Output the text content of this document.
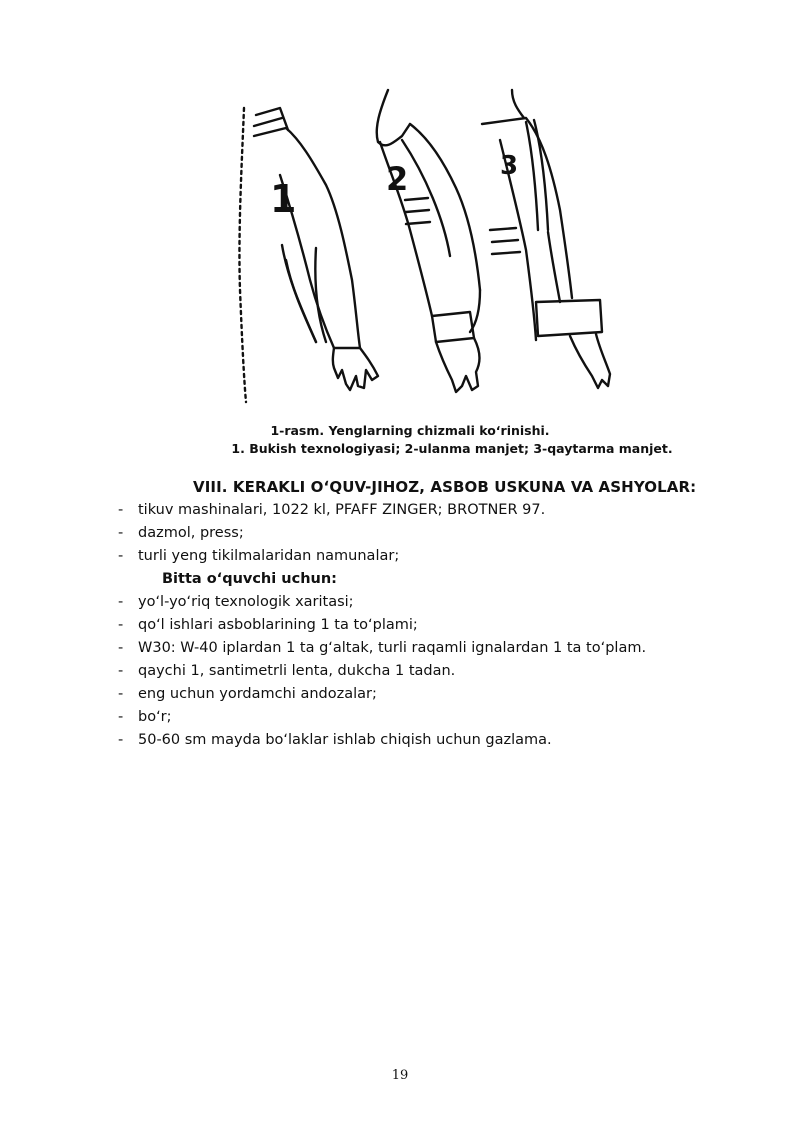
1	2	3
1-rasm. Yenglarning chizmali koʻrinishi.
1. Bukish texnologiyasi; 2-ulanma manjet; 3-qaytarma manjet.
VIII. KERAKLI OʻQUV-JIHOZ, ASBOB USKUNA VA ASHYOLAR:
-	tikuv mashinalari, 1022 kl, PFAFF ZINGER; BROTNER 97.
-	dazmol, press;
-	turli yeng tikilmalaridan namunalar;
Bitta oʻquvchi uchun:
-	yoʻl-yoʻriq texnologik xaritasi;
-	qoʻl ishlari asboblarining 1 ta toʻplami;
-	W30: W-40 iplardan 1 ta gʻaltak, turli raqamli ignalardan 1 ta toʻplam.
-	qaychi 1, santimetrli lenta, dukcha 1 tadan.
-	eng uchun yordamchi andozalar;
-	boʻr;
-	50-60 sm mayda boʻlaklar ishlab chiqish uchun gazlama.
19
